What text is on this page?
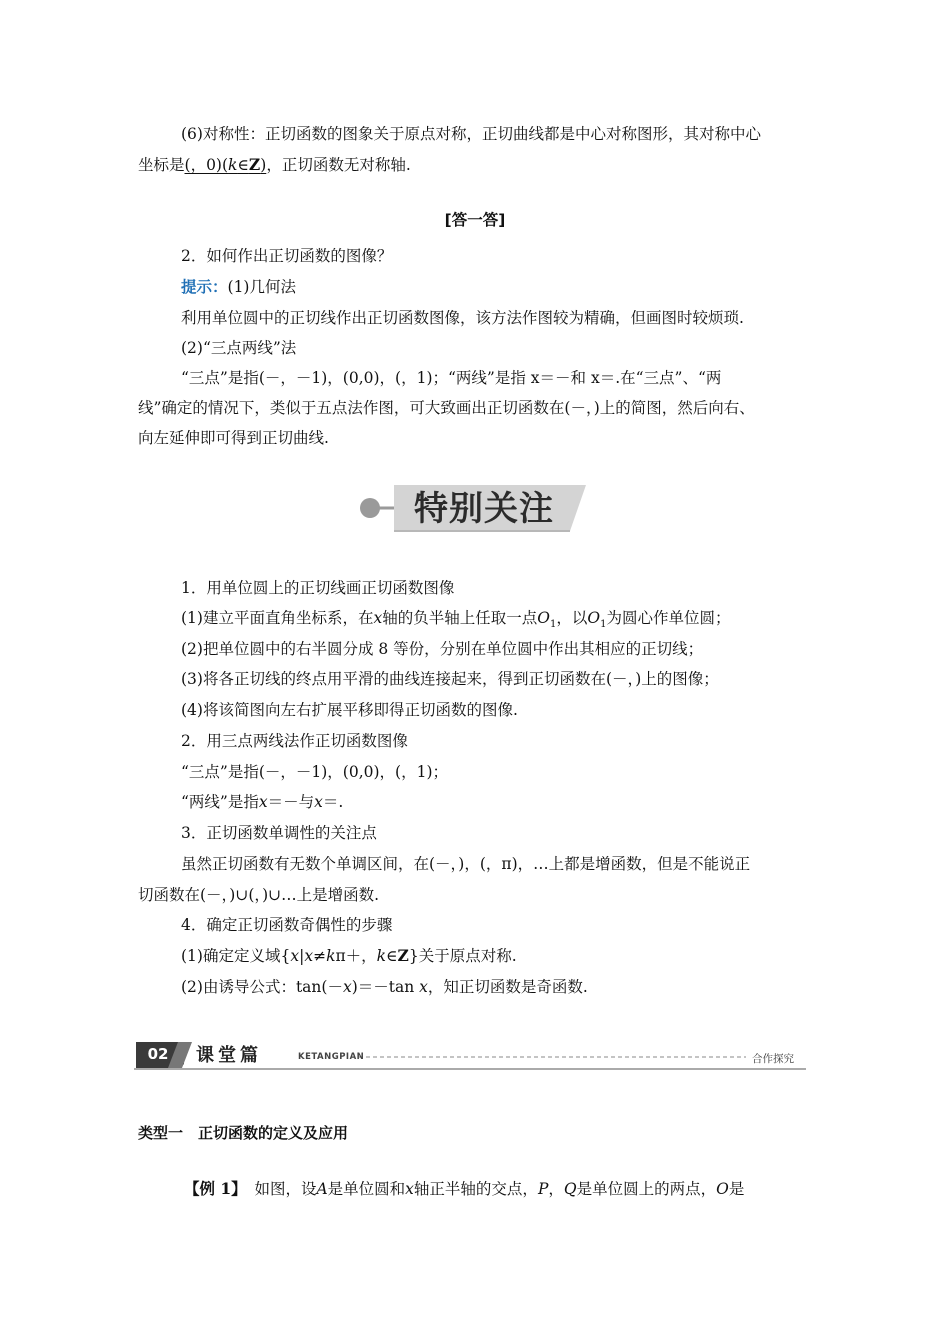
(6)对称性：正切函数的图象关于原点对称，正切曲线都是中心对称图形，其对称中心
坐标是(，0)(k∈Z)，正切函数无对称轴.
[答一答]
2．如何作出正切函数的图像？
提示：(1)几何法
利用单位圆中的正切线作出正切函数图像，该方法作图较为精确，但画图时较烦琐.
(2)“三点两线”法
“三点”是指(－，－1)，(0,0)，(，1)；“两线”是指 x＝－和 x＝.在“三点”、“两
线”确定的情况下，类似于五点法作图，可大致画出正切函数在(－，)上的简图，然后向右、
向左延伸即可得到正切曲线.
特别关注
1．用单位圆上的正切线画正切函数图像
(1)建立平面直角坐标系，在x轴的负半轴上任取一点$O_1$，以$O_1$为圆心作单位圆；
(2)把单位圆中的右半圆分成 8 等份，分别在单位圆中作出其相应的正切线；
(3)将各正切线的终点用平滑的曲线连接起来，得到正切函数在(－，)上的图像；
(4)将该简图向左右扩展平移即得正切函数的图像.
2．用三点两线法作正切函数图像
“三点”是指(－，－1)，(0,0)，(，1)；
“两线”是指x＝－与x＝.
3．正切函数单调性的关注点
虽然正切函数有无数个单调区间，在(－，)，(，π)，…上都是增函数，但是不能说正
切函数在(－，)∪(，)∪…上是增函数.
4．确定正切函数奇偶性的步骤
(1)确定定义域{x|x≠kπ＋，k∈Z}关于原点对称.
(2)由诱导公式：tan(－x)＝－tan x，知正切函数是奇函数.
02	课堂篇	KETANGPIAN	合作探究
类型一　正切函数的定义及应用
【例 1】　如图，设A是单位圆和x轴正半轴的交点，P，Q是单位圆上的两点，O是
